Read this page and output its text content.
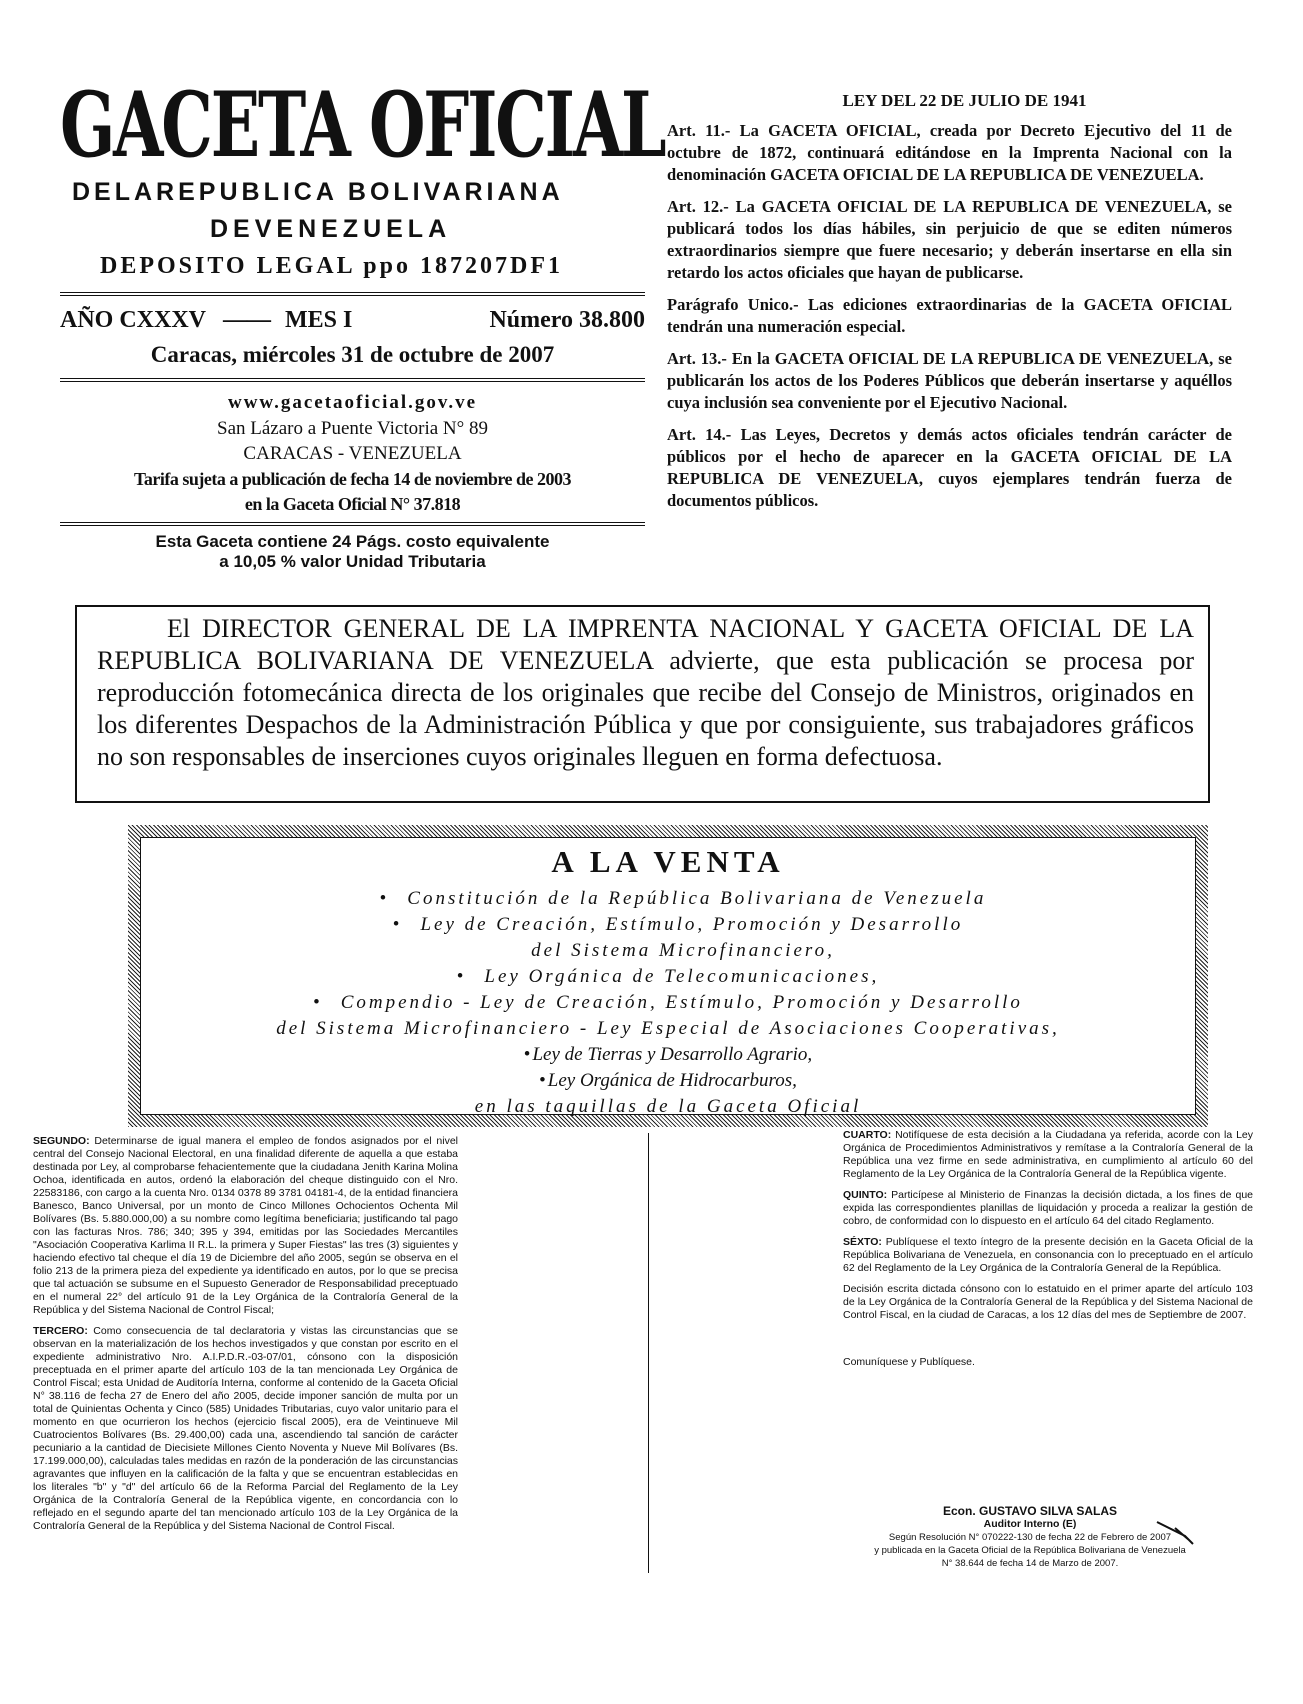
GACETA OFICIAL
DELAREPUBLICA BOLIVARIANA
DEVENEZUELA
DEPOSITO LEGAL ppo 187207DF1
AÑO CXXXV —— MES I	Número 38.800
Caracas, miércoles 31 de octubre de 2007
www.gacetaoficial.gov.ve
San Lázaro a Puente Victoria N° 89
CARACAS - VENEZUELA
Tarifa sujeta a publicación de fecha 14 de noviembre de 2003
en la Gaceta Oficial N° 37.818
Esta Gaceta contiene 24 Págs. costo equivalente
a 10,05 % valor Unidad Tributaria
LEY DEL 22 DE JULIO DE 1941

Art. 11.- La GACETA OFICIAL, creada por Decreto Ejecutivo del 11 de octubre de 1872, continuará editándose en la Imprenta Nacional con la denominación GACETA OFICIAL DE LA REPUBLICA DE VENEZUELA.

Art. 12.- La GACETA OFICIAL DE LA REPUBLICA DE VENEZUELA, se publicará todos los días hábiles, sin perjuicio de que se editen números extraordinarios siempre que fuere necesario; y deberán insertarse en ella sin retardo los actos oficiales que hayan de publicarse.

Parágrafo Unico.- Las ediciones extraordinarias de la GACETA OFICIAL tendrán una numeración especial.

Art. 13.- En la GACETA OFICIAL DE LA REPUBLICA DE VENEZUELA, se publicarán los actos de los Poderes Públicos que deberán insertarse y aquéllos cuya inclusión sea conveniente por el Ejecutivo Nacional.

Art. 14.- Las Leyes, Decretos y demás actos oficiales tendrán carácter de públicos por el hecho de aparecer en la GACETA OFICIAL DE LA REPUBLICA DE VENEZUELA, cuyos ejemplares tendrán fuerza de documentos públicos.

El DIRECTOR GENERAL DE LA IMPRENTA NACIONAL Y GACETA OFICIAL DE LA REPUBLICA BOLIVARIANA DE VENEZUELA advierte, que esta publicación se procesa por reproducción fotomecánica directa de los originales que recibe del Consejo de Ministros, originados en los diferentes Despachos de la Administración Pública y que por consiguiente, sus trabajadores gráficos no son responsables de inserciones cuyos originales lleguen en forma defectuosa.
A LA VENTA
• Constitución de la República Bolivariana de Venezuela
• Ley de Creación, Estímulo, Promoción y Desarrollo
del Sistema Microfinanciero,
• Ley Orgánica de Telecomunicaciones,
• Compendio - Ley de Creación, Estímulo, Promoción y Desarrollo
del Sistema Microfinanciero - Ley Especial de Asociaciones Cooperativas,
• Ley de Tierras y Desarrollo Agrario,
• Ley Orgánica de Hidrocarburos,
en las taquillas de la Gaceta Oficial

SEGUNDO: Determinarse de igual manera el empleo de fondos asignados por el nivel central del Consejo Nacional Electoral, en una finalidad diferente de aquella a que estaba destinada por Ley, al comprobarse fehacientemente que la ciudadana Jenith Karina Molina Ochoa, identificada en autos, ordenó la elaboración del cheque distinguido con el Nro. 22583186, con cargo a la cuenta Nro. 0134 0378 89 3781 04181-4, de la entidad financiera Banesco, Banco Universal, por un monto de Cinco Millones Ochocientos Ochenta Mil Bolívares (Bs. 5.880.000,00) a su nombre como legítima beneficiaria; justificando tal pago con las facturas Nros. 786; 340; 395 y 394, emitidas por las Sociedades Mercantiles "Asociación Cooperativa Karlima II R.L. la primera y Super Fiestas" las tres (3) siguientes y haciendo efectivo tal cheque el día 19 de Diciembre del año 2005, según se observa en el folio 213 de la primera pieza del expediente ya identificado en autos, por lo que se precisa que tal actuación se subsume en el Supuesto Generador de Responsabilidad preceptuado en el numeral 22° del artículo 91 de la Ley Orgánica de la Contraloría General de la República y del Sistema Nacional de Control Fiscal;

TERCERO: Como consecuencia de tal declaratoria y vistas las circunstancias que se observan en la materialización de los hechos investigados y que constan por escrito en el expediente administrativo Nro. A.I.P.D.R.-03-07/01, cónsono con la disposición preceptuada en el primer aparte del artículo 103 de la tan mencionada Ley Orgánica de Control Fiscal; esta Unidad de Auditoría Interna, conforme al contenido de la Gaceta Oficial N° 38.116 de fecha 27 de Enero del año 2005, decide imponer sanción de multa por un total de Quinientas Ochenta y Cinco (585) Unidades Tributarias, cuyo valor unitario para el momento en que ocurrieron los hechos (ejercicio fiscal 2005), era de Veintinueve Mil Cuatrocientos Bolívares (Bs. 29.400,00) cada una, ascendiendo tal sanción de carácter pecuniario a la cantidad de Diecisiete Millones Ciento Noventa y Nueve Mil Bolívares (Bs. 17.199.000,00), calculadas tales medidas en razón de la ponderación de las circunstancias agravantes que influyen en la calificación de la falta y que se encuentran establecidas en los literales "b" y "d" del artículo 66 de la Reforma Parcial del Reglamento de la Ley Orgánica de la Contraloría General de la República vigente, en concordancia con lo reflejado en el segundo aparte del tan mencionado artículo 103 de la Ley Orgánica de la Contraloría General de la República y del Sistema Nacional de Control Fiscal.

CUARTO: Notifíquese de esta decisión a la Ciudadana ya referida, acorde con la Ley Orgánica de Procedimientos Administrativos y remítase a la Contraloría General de la República una vez firme en sede administrativa, en cumplimiento al artículo 60 del Reglamento de la Ley Orgánica de la Contraloría General de la República vigente.

QUINTO: Particípese al Ministerio de Finanzas la decisión dictada, a los fines de que expida las correspondientes planillas de liquidación y proceda a realizar la gestión de cobro, de conformidad con lo dispuesto en el artículo 64 del citado Reglamento.

SÉXTO: Publíquese el texto íntegro de la presente decisión en la Gaceta Oficial de la República Bolivariana de Venezuela, en consonancia con lo preceptuado en el artículo 62 del Reglamento de la Ley Orgánica de la Contraloría General de la República.

Decisión escrita dictada cónsono con lo estatuido en el primer aparte del artículo 103 de la Ley Orgánica de la Contraloría General de la República y del Sistema Nacional de Control Fiscal, en la ciudad de Caracas, a los 12 días del mes de Septiembre de 2007.

Comuníquese y Publíquese.

Econ. GUSTAVO SILVA SALAS
Auditor Interno (E)
Según Resolución N° 070222-130 de fecha 22 de Febrero de 2007
y publicada en la Gaceta Oficial de la República Bolivariana de Venezuela
N° 38.644 de fecha 14 de Marzo de 2007.
